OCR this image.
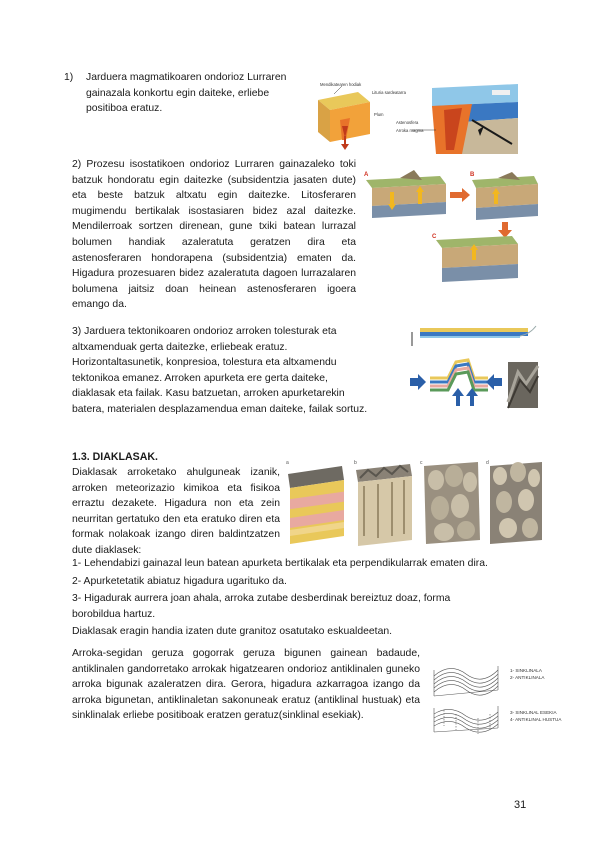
1)	Jarduera magmatikoaren ondorioz Lurraren gainazala konkortu egin daiteke, erliebe positiboa eratuz.
Mendikatearen hodiak
Lituria sardeatarra
Plum
Astenosfera
Arroka magma
2) Prozesu isostatikoen ondorioz Lurraren gainazaleko toki batzuk hondoratu egin daitezke (subsidentzia jasaten dute) eta beste batzuk altxatu egin daitezke. Litosferaren mugimendu bertikalak isostasiaren bidez azal daitezke. Mendilerroak sortzen direnean, gune txiki batean lurrazal bolumen handiak azaleratuta geratzen dira eta astenosferaren hondorapena (subsidentzia) ematen da. Higadura prozesuaren bidez azaleratuta dagoen lurrazalaren bolumena jaitsiz doan heinean astenosferaren igoera emango da.
A	B
C
3) Jarduera tektonikoaren ondorioz arroken tolesturak eta altxamenduak gerta daitezke, erliebeak eratuz. Horizontaltasunetik, konpresioa, tolestura eta altxamendu tektonikoa emanez. Arroken apurketa ere gerta daiteke, diaklasak eta failak. Kasu batzuetan, arroken apurketarekin batera, materialen desplazamendua eman daiteke, failak sortuz.
1.3. DIAKLASAK.
Diaklasak arroketako ahulguneak izanik, arroken meteorizazio kimikoa eta fisikoa erraztu dezakete. Higadura non eta zein neurritan gertatuko den eta eratuko diren eta formak nolakoak izango diren baldintzatzen dute diaklasek:
a	b	c	d
1- Lehendabizi gainazal leun batean apurketa bertikalak eta perpendikularrak ematen dira.
2- Apurketetatik abiatuz higadura ugarituko da.
3- Higadurak aurrera joan ahala, arroka zutabe desberdinak bereiztuz doaz, forma borobildua hartuz.
Diaklasak eragin handia izaten dute granitoz osatutako eskualdeetan.
Arroka-segidan geruza gogorrak geruza bigunen gainean badaude, antiklinalen gandorretako arrokak higatzearen ondorioz antiklinalen guneko arroka bigunak azaleratzen dira. Gerora, higadura azkarragoa izango da arroka bigunetan, antiklinaletan sakonuneak eratuz (antiklinal hustuak) eta sinklinalak erliebe positiboak eratzen geratuz(sinklinal esekiak).
1- SINKLINALA
2- ANTIKLINALA
3- SINKLINAL ESEKIA
4- ANTIKLINAL HUSTUA
31
